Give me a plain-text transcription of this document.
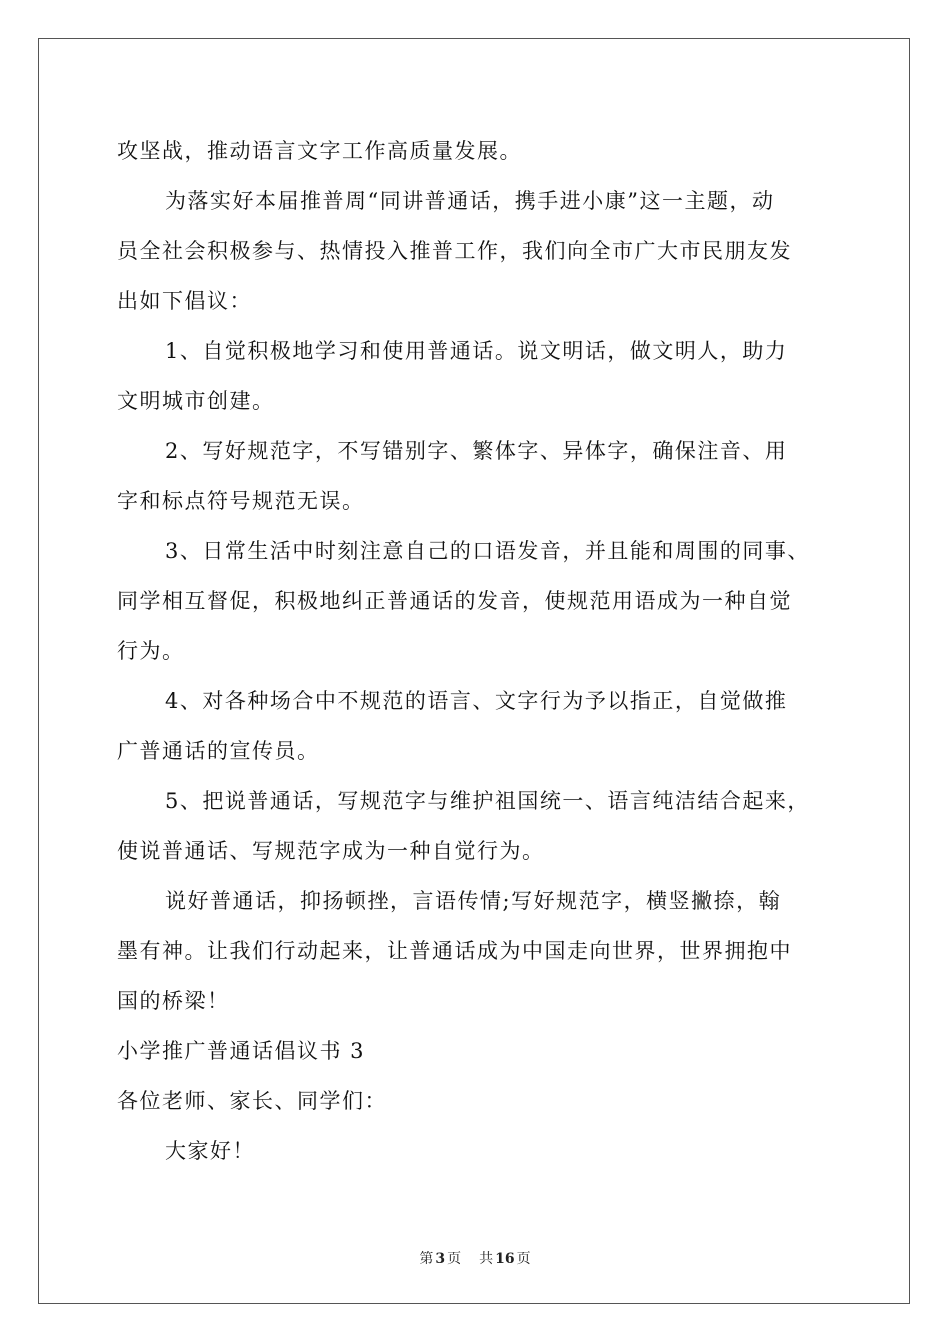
攻坚战，推动语言文字工作高质量发展。
为落实好本届推普周“同讲普通话，携手进小康”这一主题，动
员全社会积极参与、热情投入推普工作，我们向全市广大市民朋友发
出如下倡议：
1、自觉积极地学习和使用普通话。说文明话，做文明人，助力
文明城市创建。
2、写好规范字，不写错别字、繁体字、异体字，确保注音、用
字和标点符号规范无误。
3、日常生活中时刻注意自己的口语发音，并且能和周围的同事、
同学相互督促，积极地纠正普通话的发音，使规范用语成为一种自觉
行为。
4、对各种场合中不规范的语言、文字行为予以指正，自觉做推
广普通话的宣传员。
5、把说普通话，写规范字与维护祖国统一、语言纯洁结合起来，
使说普通话、写规范字成为一种自觉行为。
说好普通话，抑扬顿挫，言语传情;写好规范字，横竖撇捺，翰
墨有神。让我们行动起来，让普通话成为中国走向世界，世界拥抱中
国的桥梁！
小学推广普通话倡议书 3
各位老师、家长、同学们：
大家好！
第 3 页 共 16 页
